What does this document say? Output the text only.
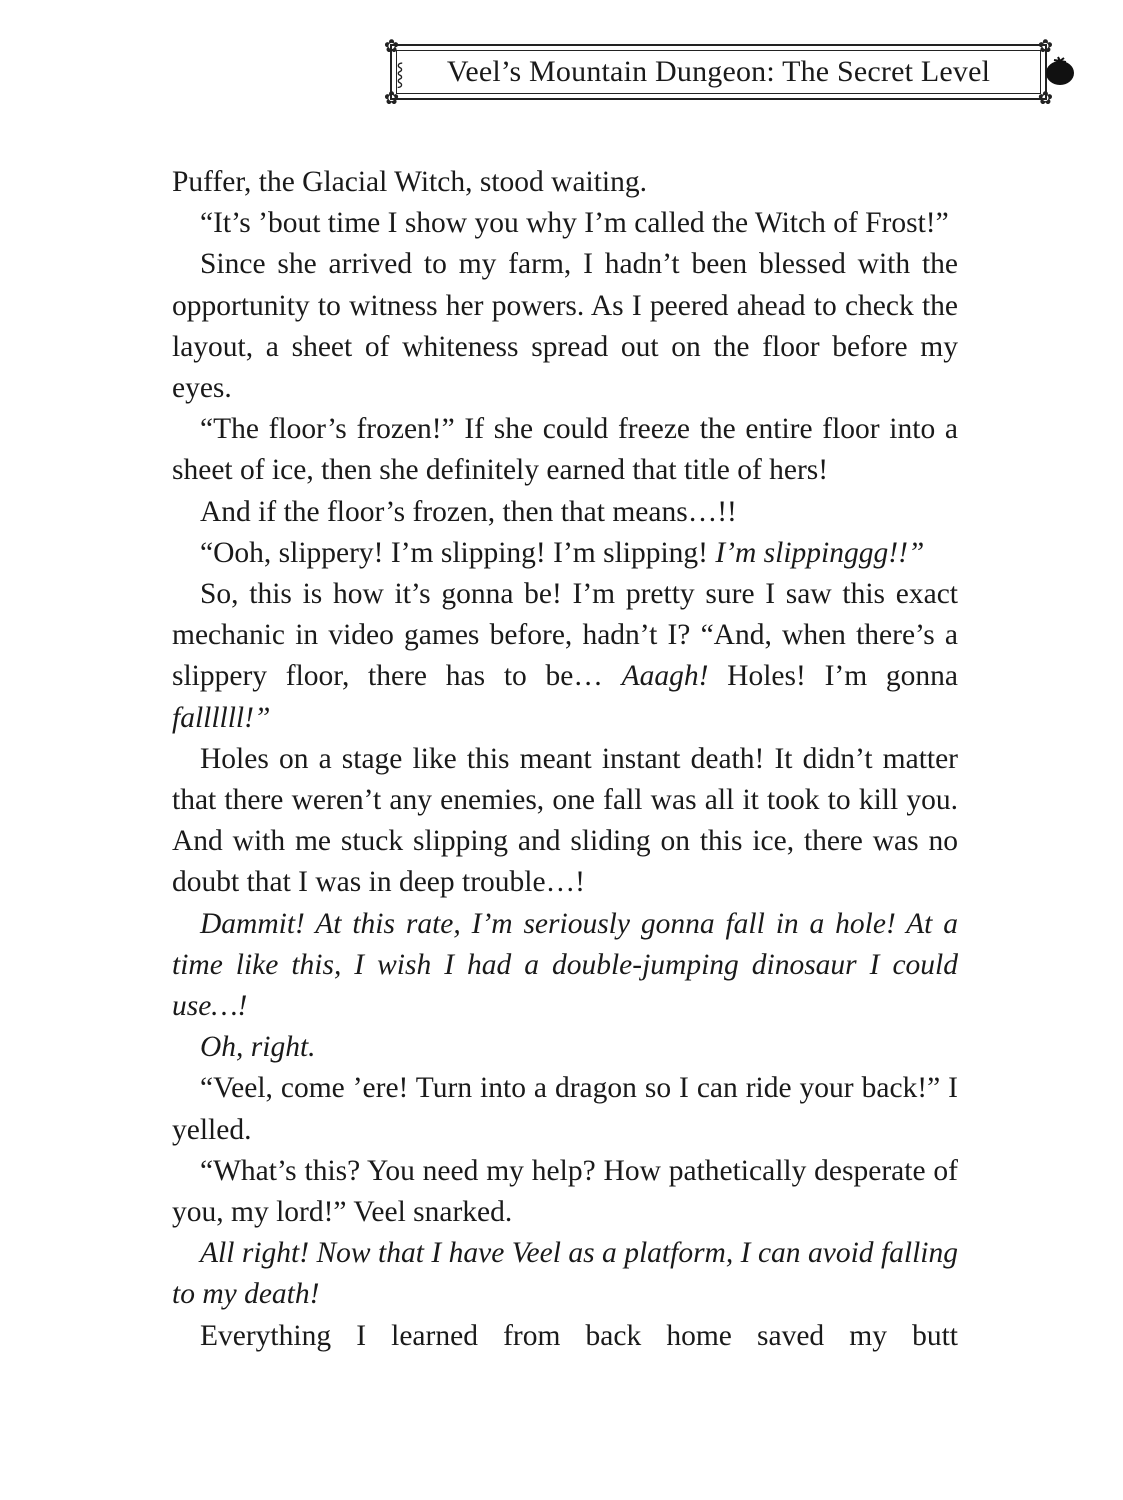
✿	✿
✿	✿
⸾ Veel’s Mountain Dungeon: The Secret Level

Puffer, the Glacial Witch, stood waiting.

“It’s ’bout time I show you why I’m called the Witch of Frost!”

Since she arrived to my farm, I hadn’t been blessed with the opportunity to witness her powers. As I peered ahead to check the layout, a sheet of whiteness spread out on the floor before my eyes.

“The floor’s frozen!” If she could freeze the entire floor into a sheet of ice, then she definitely earned that title of hers!

And if the floor’s frozen, then that means…!!

“Ooh, slippery! I’m slipping! I’m slipping! I’m slippinggg!!”

So, this is how it’s gonna be! I’m pretty sure I saw this exact mechanic in video games before, hadn’t I? “And, when there’s a slippery floor, there has to be… Aaagh! Holes! I’m gonna fallllll!”

Holes on a stage like this meant instant death! It didn’t matter that there weren’t any enemies, one fall was all it took to kill you. And with me stuck slipping and sliding on this ice, there was no doubt that I was in deep trouble…!

Dammit! At this rate, I’m seriously gonna fall in a hole! At a time like this, I wish I had a double-jumping dinosaur I could use…!

Oh, right.

“Veel, come ’ere! Turn into a dragon so I can ride your back!” I yelled.

“What’s this? You need my help? How pathetically desperate of you, my lord!” Veel snarked.

All right! Now that I have Veel as a platform, I can avoid falling to my death!

Everything I learned from back home saved my butt
